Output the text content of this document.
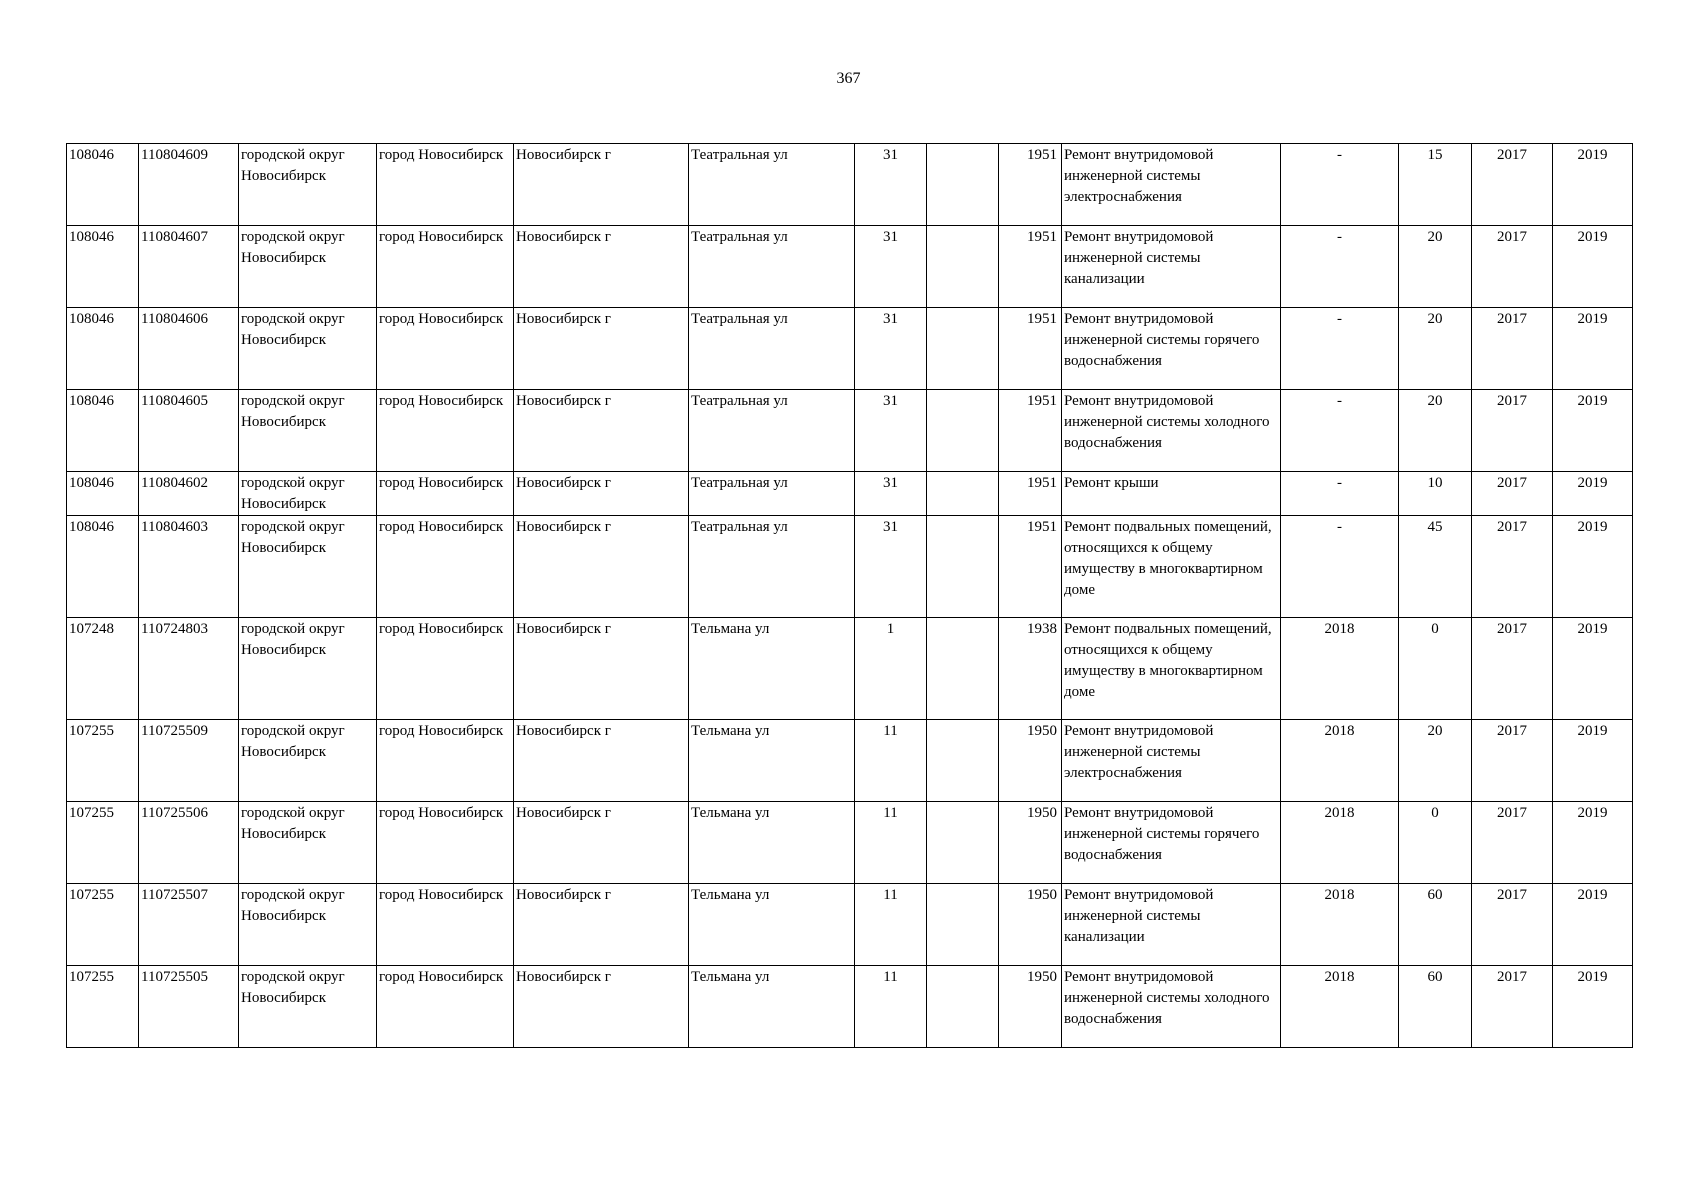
367
108046	110804609	городской округ Новосибирск	город Новосибирск	Новосибирск г	Театральная ул	31		1951	Ремонт внутридомовой инженерной системы электроснабжения	-	15	2017	2019
108046	110804607	городской округ Новосибирск	город Новосибирск	Новосибирск г	Театральная ул	31		1951	Ремонт внутридомовой инженерной системы канализации	-	20	2017	2019
108046	110804606	городской округ Новосибирск	город Новосибирск	Новосибирск г	Театральная ул	31		1951	Ремонт внутридомовой инженерной системы горячего водоснабжения	-	20	2017	2019
108046	110804605	городской округ Новосибирск	город Новосибирск	Новосибирск г	Театральная ул	31		1951	Ремонт внутридомовой инженерной системы холодного водоснабжения	-	20	2017	2019
108046	110804602	городской округ Новосибирск	город Новосибирск	Новосибирск г	Театральная ул	31		1951	Ремонт крыши	-	10	2017	2019
108046	110804603	городской округ Новосибирск	город Новосибирск	Новосибирск г	Театральная ул	31		1951	Ремонт подвальных помещений, относящихся к общему имуществу в многоквартирном доме	-	45	2017	2019
107248	110724803	городской округ Новосибирск	город Новосибирск	Новосибирск г	Тельмана ул	1		1938	Ремонт подвальных помещений, относящихся к общему имуществу в многоквартирном доме	2018	0	2017	2019
107255	110725509	городской округ Новосибирск	город Новосибирск	Новосибирск г	Тельмана ул	11		1950	Ремонт внутридомовой инженерной системы электроснабжения	2018	20	2017	2019
107255	110725506	городской округ Новосибирск	город Новосибирск	Новосибирск г	Тельмана ул	11		1950	Ремонт внутридомовой инженерной системы горячего водоснабжения	2018	0	2017	2019
107255	110725507	городской округ Новосибирск	город Новосибирск	Новосибирск г	Тельмана ул	11		1950	Ремонт внутридомовой инженерной системы канализации	2018	60	2017	2019
107255	110725505	городской округ Новосибирск	город Новосибирск	Новосибирск г	Тельмана ул	11		1950	Ремонт внутридомовой инженерной системы холодного водоснабжения	2018	60	2017	2019
